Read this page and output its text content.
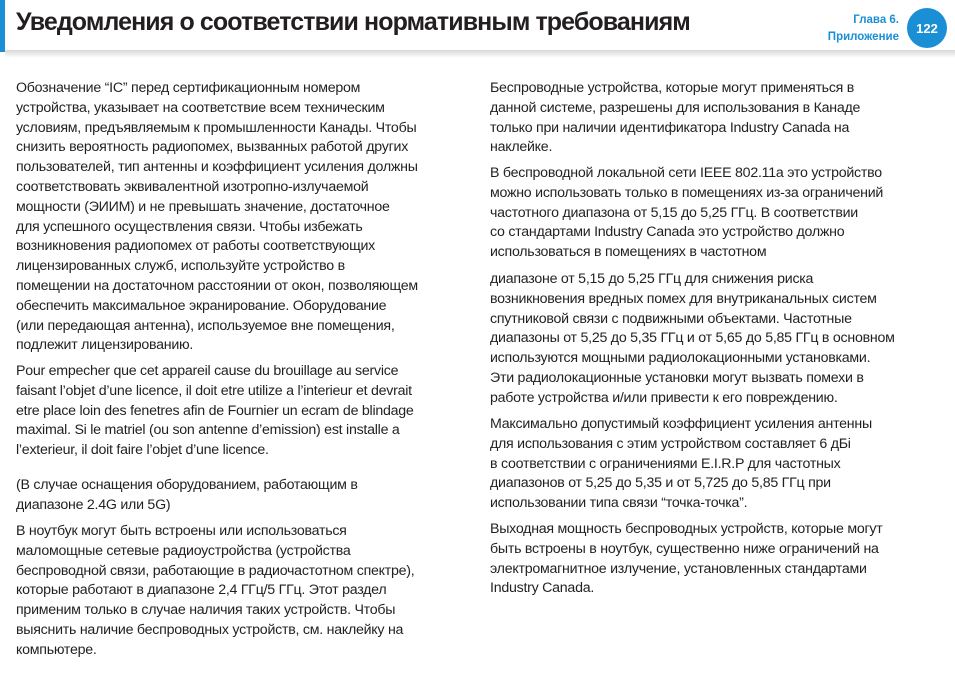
Уведомления о соответствии нормативным требованиям	Глава 6.
Приложение
122
Обозначение “IC” перед сертификационным номером
устройства, указывает на соответствие всем техническим
условиям, предъявляемым к промышленности Канады. Чтобы
снизить вероятность радиопомех, вызванных работой других
пользователей, тип антенны и коэффициент усиления должны
соответствовать эквивалентной изотропно-излучаемой
мощности (ЭИИМ) и не превышать значение, достаточное
для успешного осуществления связи. Чтобы избежать
возникновения радиопомех от работы соответствующих
лицензированных служб, используйте устройство в
помещении на достаточном расстоянии от окон, позволяющем
обеспечить максимальное экранирование. Оборудование
(или передающая антенна), используемое вне помещения,
подлежит лицензированию.
Pour empecher que cet appareil cause du brouillage au service
faisant l’objet d’une licence, il doit etre utilize a l’interieur et devrait
etre place loin des fenetres afin de Fournier un ecram de blindage
maximal. Si le matriel (ou son antenne d’emission) est installe a
l’exterieur, il doit faire l’objet d’une licence.
(В случае оснащения оборудованием, работающим в
диапазоне 2.4G или 5G)
В ноутбук могут быть встроены или использоваться
маломощные сетевые радиоустройства (устройства
беспроводной связи, работающие в радиочастотном спектре),
которые работают в диапазоне 2,4 ГГц/5 ГГц. Этот раздел
применим только в случае наличия таких устройств. Чтобы
выяснить наличие беспроводных устройств, см. наклейку на
компьютере.
Беспроводные устройства, которые могут применяться в
данной системе, разрешены для использования в Канаде
только при наличии идентификатора Industry Canada на
наклейке.
В беспроводной локальной сети IEEE 802.11a это устройство
можно использовать только в помещениях из-за ограничений
частотного диапазона от 5,15 до 5,25 ГГц. В соответствии
со стандартами Industry Canada это устройство должно
использоваться в помещениях в частотном
диапазоне от 5,15 до 5,25 ГГц для снижения риска
возникновения вредных помех для внутриканальных систем
спутниковой связи с подвижными объектами. Частотные
диапазоны от 5,25 до 5,35 ГГц и от 5,65 до 5,85 ГГц в основном
используются мощными радиолокационными установками.
Эти радиолокационные установки могут вызвать помехи в
работе устройства и/или привести к его повреждению.
Максимально допустимый коэффициент усиления антенны
для использования с этим устройством составляет 6 дБі
в соответствии с ограничениями E.I.R.P для частотных
диапазонов от 5,25 до 5,35 и от 5,725 до 5,85 ГГц при
использовании типа связи “точка-точка”.
Выходная мощность беспроводных устройств, которые могут
быть встроены в ноутбук, существенно ниже ограничений на
электромагнитное излучение, установленных стандартами
Industry Canada.
